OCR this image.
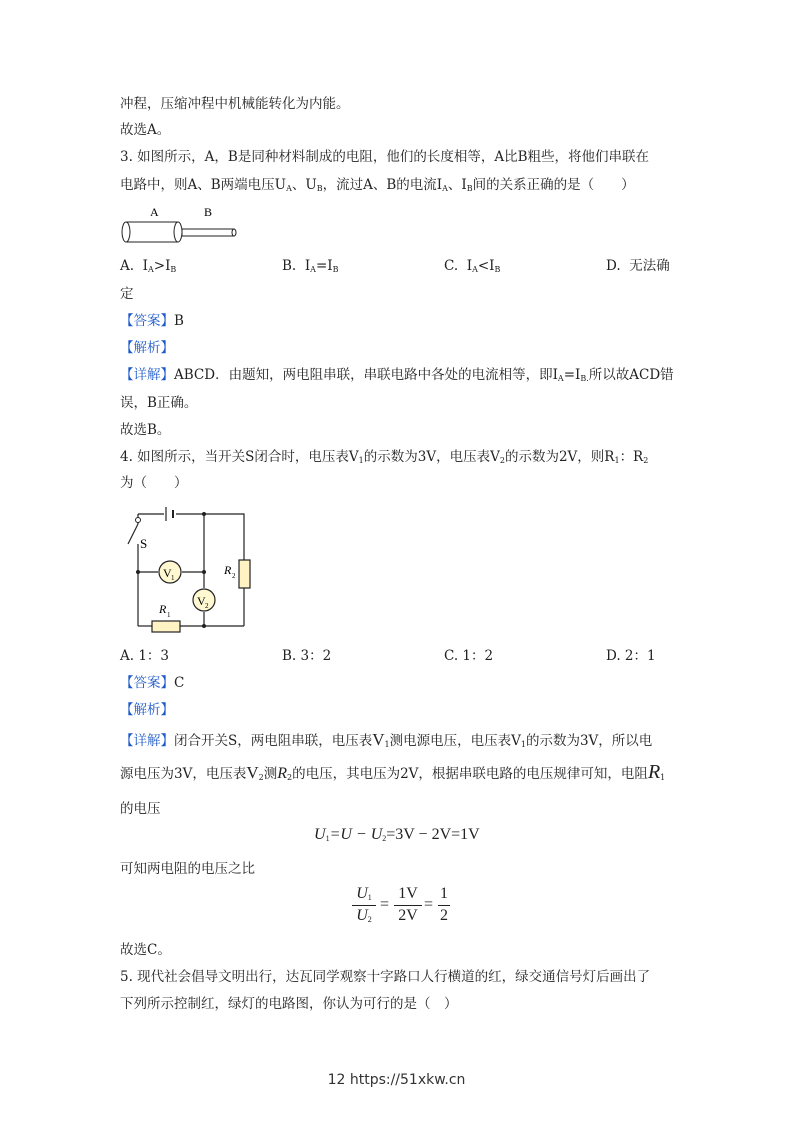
冲程，压缩冲程中机械能转化为内能。
故选A。
3. 如图所示，A，B是同种材料制成的电阻，他们的长度相等，A比B粗些，将他们串联在
电路中，则A、B两端电压$U_A$、$U_B$，流过A、B的电流$I_A$、$I_B$间的关系正确的是（　　）
A	B
A. $I_A>I_B$	B. $I_A=I_B$	C. $I_A<I_B$	D. 无法确
定
【答案】B
【解析】
【详解】ABCD．由题知，两电阻串联，串联电路中各处的电流相等，即$I_A=I_{B.}$所以故ACD错
误，B正确。
故选B。
4. 如图所示，当开关S闭合时，电压表$V_1$的示数为3V，电压表$V_2$的示数为2V，则$R_1$：$R_2$
为（　　）
S
V 1
V 2
R 2
R 1
A. 1：3	B. 3：2	C. 1：2	D. 2：1
【答案】C
【解析】
【详解】闭合开关S，两电阻串联，电压表$V_1$测电源电压，电压表$V_1$的示数为3V，所以电
源电压为3V，电压表$V_2$测$R_2$的电压，其电压为2V，根据串联电路的电压规律可知，电阻$R_1$
的电压
$U_1=U - U_2=3V - 2V=1V$
可知两电阻的电压之比
$U_1$
$U_2$
=
1V
2V
=
1
2
故选C。
5. 现代社会倡导文明出行，达瓦同学观察十字路口人行横道的红，绿交通信号灯后画出了
下列所示控制红，绿灯的电路图，你认为可行的是（　）
12 https://51xkw.cn
